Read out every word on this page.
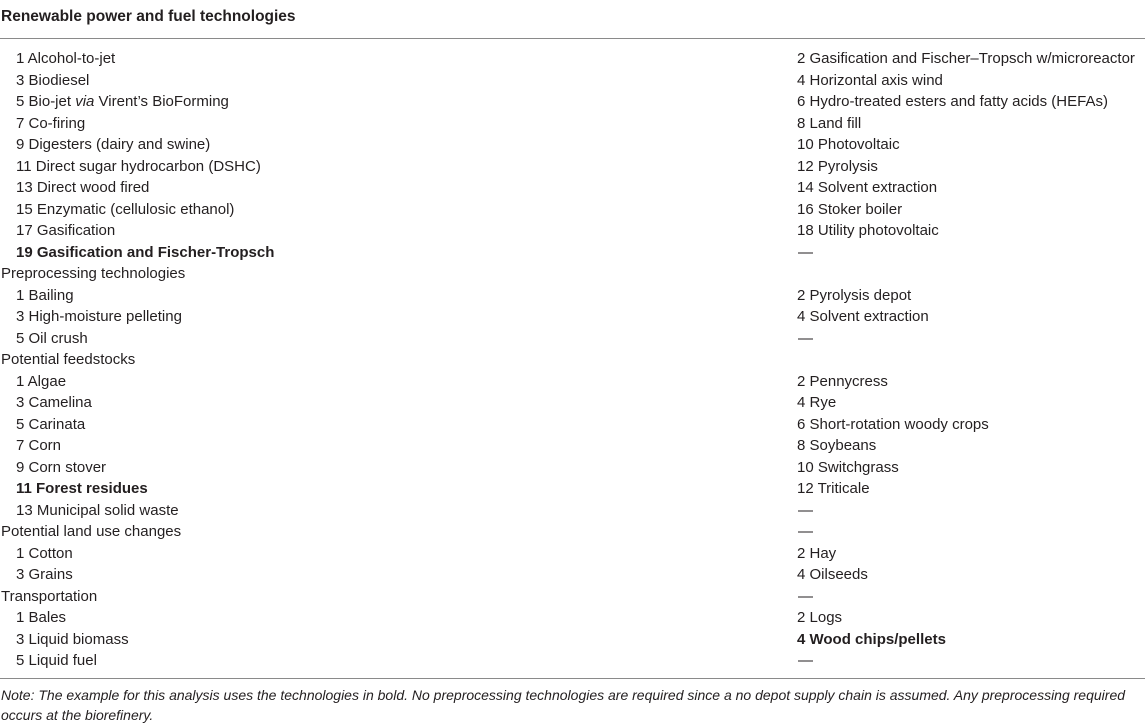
Renewable power and fuel technologies
1 Alcohol-to-jet	2 Gasification and Fischer–Tropsch w/microreactor
3 Biodiesel	4 Horizontal axis wind
5 Bio-jet via Virent’s BioForming	6 Hydro-treated esters and fatty acids (HEFAs)
7 Co-firing	8 Land fill
9 Digesters (dairy and swine)	10 Photovoltaic
11 Direct sugar hydrocarbon (DSHC)	12 Pyrolysis
13 Direct wood fired	14 Solvent extraction
15 Enzymatic (cellulosic ethanol)	16 Stoker boiler
17 Gasification	18 Utility photovoltaic
19 Gasification and Fischer-Tropsch	—
Preprocessing technologies
1 Bailing	2 Pyrolysis depot
3 High-moisture pelleting	4 Solvent extraction
5 Oil crush	—
Potential feedstocks
1 Algae	2 Pennycress
3 Camelina	4 Rye
5 Carinata	6 Short-rotation woody crops
7 Corn	8 Soybeans
9 Corn stover	10 Switchgrass
11 Forest residues	12 Triticale
13 Municipal solid waste	—
Potential land use changes	—
1 Cotton	2 Hay
3 Grains	4 Oilseeds
Transportation	—
1 Bales	2 Logs
3 Liquid biomass	4 Wood chips/pellets
5 Liquid fuel	—
Note: The example for this analysis uses the technologies in bold. No preprocessing technologies are required since a no depot supply chain is assumed. Any preprocessing required occurs at the biorefinery.
